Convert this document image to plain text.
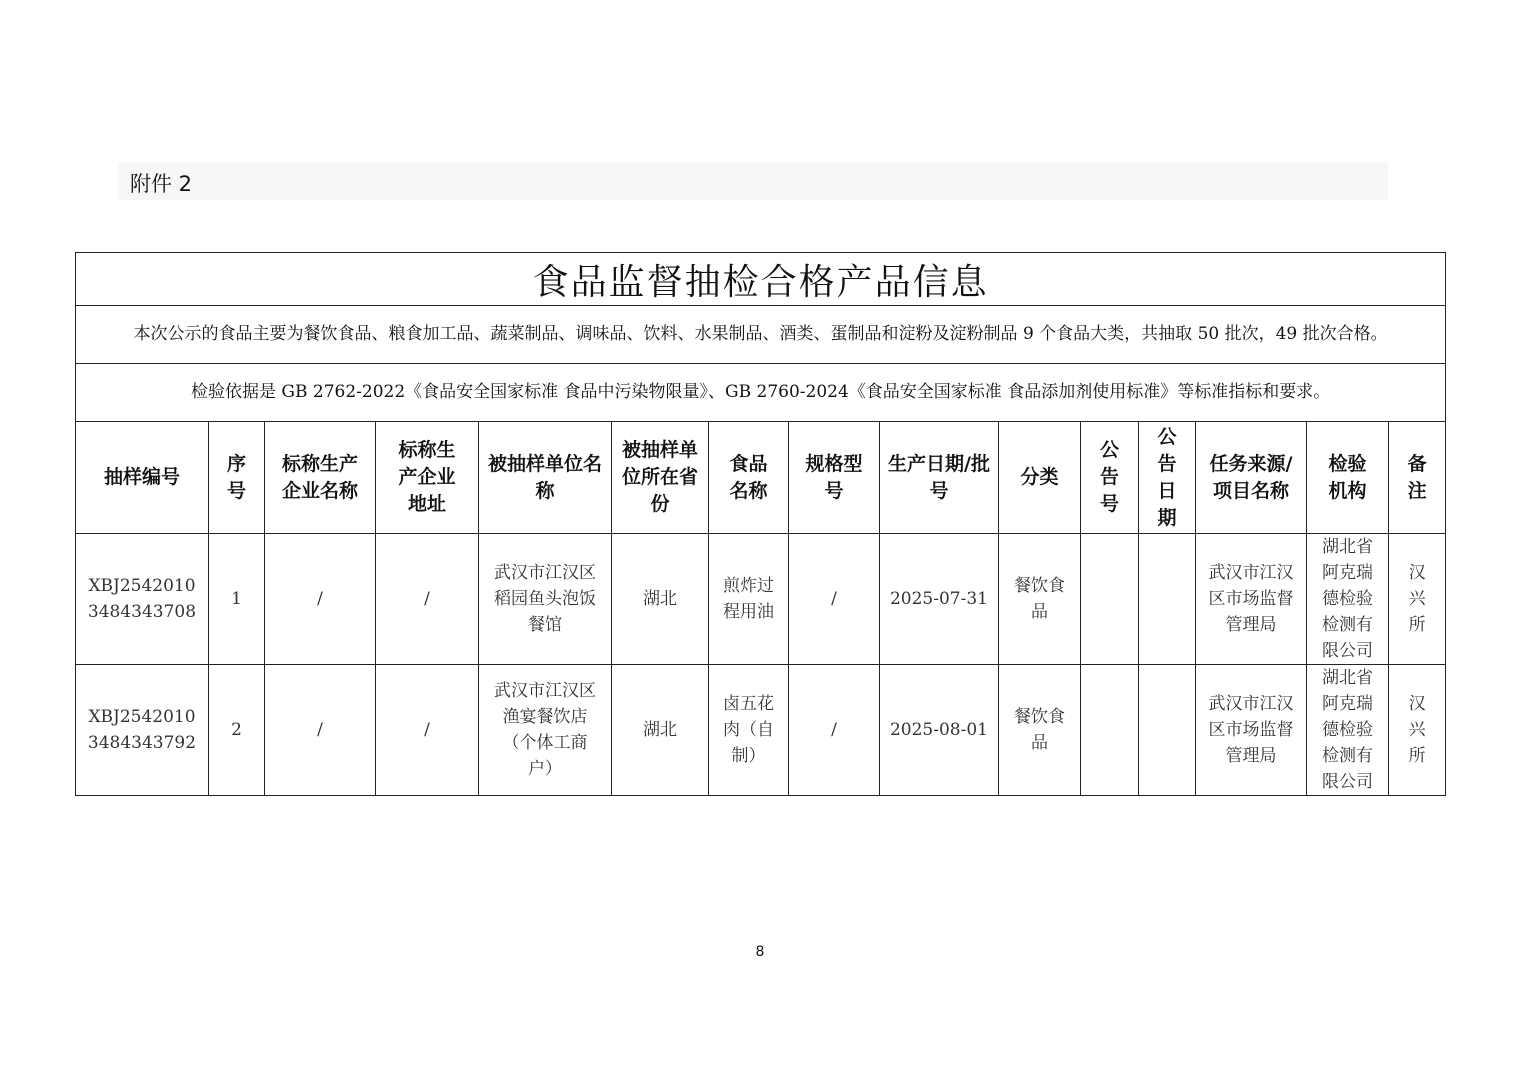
附件 2
食品监督抽检合格产品信息														
本次公示的食品主要为餐饮食品、粮食加工品、蔬菜制品、调味品、饮料、水果制品、酒类、蛋制品和淀粉及淀粉制品 9 个食品大类，共抽取 50 批次，49 批次合格。														
检验依据是 GB 2762-2022《食品安全国家标准 食品中污染物限量》、GB 2760-2024《食品安全国家标准 食品添加剂使用标准》等标准指标和要求。														
抽样编号	序号	标称生产企业名称	标称生产企业地址	被抽样单位名称	被抽样单位所在省份	食品名称	规格型号	生产日期/批号	分类	公告号	公告日期	任务来源/项目名称	检验机构	备注
XBJ25420103484343708	1	/	/	武汉市江汉区稻园鱼头泡饭餐馆	湖北	煎炸过程用油	/	2025-07-31	餐饮食品			武汉市江汉区市场监督管理局	湖北省阿克瑞德检验检测有限公司	汉兴所
XBJ25420103484343792	2	/	/	武汉市江汉区渔宴餐饮店（个体工商户）	湖北	卤五花肉（自制）	/	2025-08-01	餐饮食品			武汉市江汉区市场监督管理局	湖北省阿克瑞德检验检测有限公司	汉兴所
8
